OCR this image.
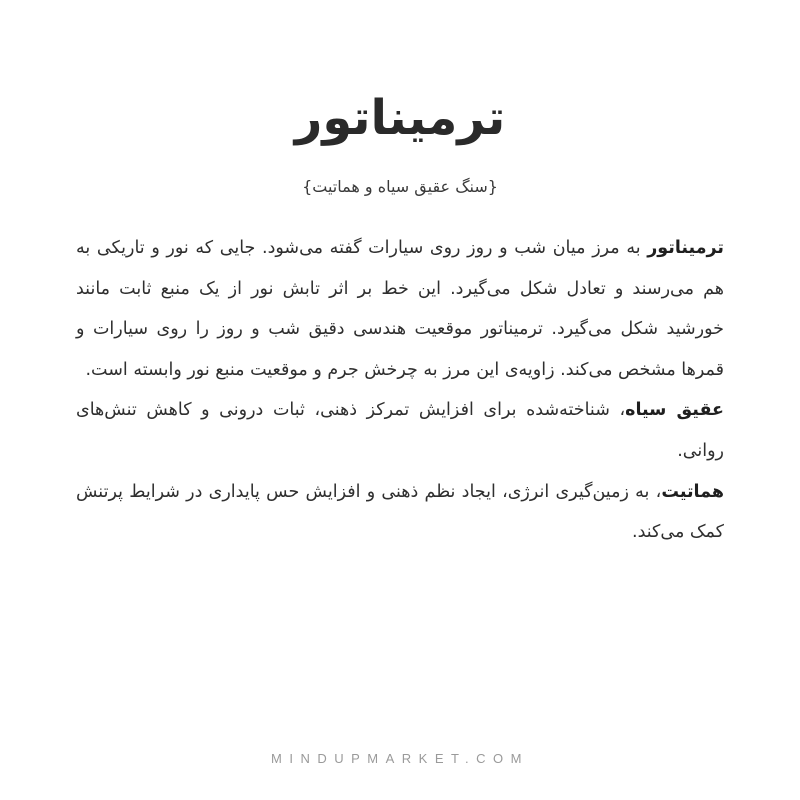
ترميناتور
{سنگ عقیق سیاه و هماتیت}

ترميناتور به مرز میان شب و روز روی سیارات گفته می‌شود. جایی که نور و تاریکی به هم می‌رسند و تعادل شکل می‌گیرد. این خط بر اثر تابش نور از یک منبع ثابت مانند خورشید شکل می‌گیرد. ترمیناتور موقعیت هندسی دقیق شب و روز را روی سیارات و قمرها مشخص می‌کند. زاویه‌ی این مرز به چرخش جرم و موقعیت منبع نور وابسته است.

عقیق سیاه، شناخته‌شده برای افزایش تمرکز ذهنی، ثبات درونی و کاهش تنش‌های روانی.

هماتیت، به زمین‌گیری انرژی، ایجاد نظم ذهنی و افزایش حس پایداری در شرایط پرتنش کمک می‌کند.

MINDUPMARKET.COM
